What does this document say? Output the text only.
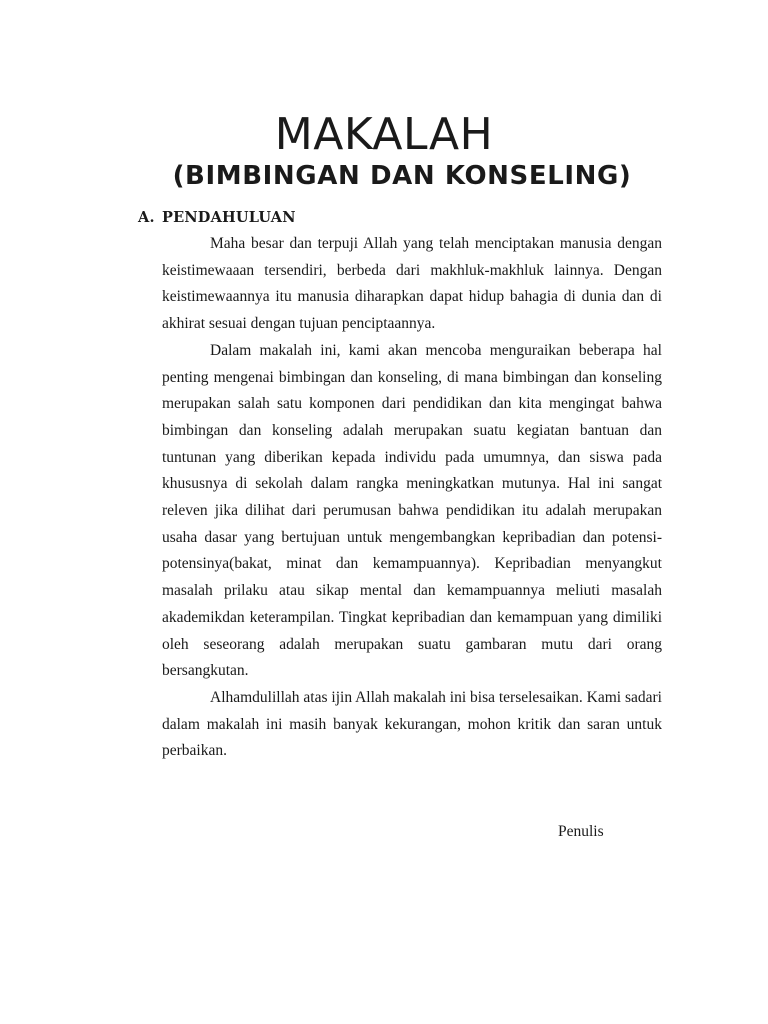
MAKALAH
(BIMBINGAN DAN KONSELING)
A. PENDAHULUAN

Maha besar dan terpuji Allah yang telah menciptakan manusia dengan keistimewaaan tersendiri, berbeda dari makhluk-makhluk lainnya. Dengan keistimewaannya itu manusia diharapkan dapat hidup bahagia di dunia dan di akhirat sesuai dengan tujuan penciptaannya.

Dalam makalah ini, kami akan mencoba menguraikan beberapa hal penting mengenai bimbingan dan konseling, di mana bimbingan dan konseling merupakan salah satu komponen dari pendidikan dan kita mengingat bahwa bimbingan dan konseling adalah merupakan suatu kegiatan bantuan dan tuntunan yang diberikan kepada individu pada umumnya, dan siswa pada khususnya di sekolah dalam rangka meningkatkan mutunya. Hal ini sangat releven jika dilihat dari perumusan bahwa pendidikan itu adalah merupakan usaha dasar yang bertujuan untuk mengembangkan kepribadian dan potensi-potensinya(bakat, minat dan kemampuannya). Kepribadian menyangkut masalah prilaku atau sikap mental dan kemampuannya meliuti masalah akademikdan keterampilan. Tingkat kepribadian dan kemampuan yang dimiliki oleh seseorang adalah merupakan suatu gambaran mutu dari orang bersangkutan.

Alhamdulillah atas ijin Allah makalah ini bisa terselesaikan. Kami sadari dalam makalah ini masih banyak kekurangan, mohon kritik dan saran untuk perbaikan.

Penulis
